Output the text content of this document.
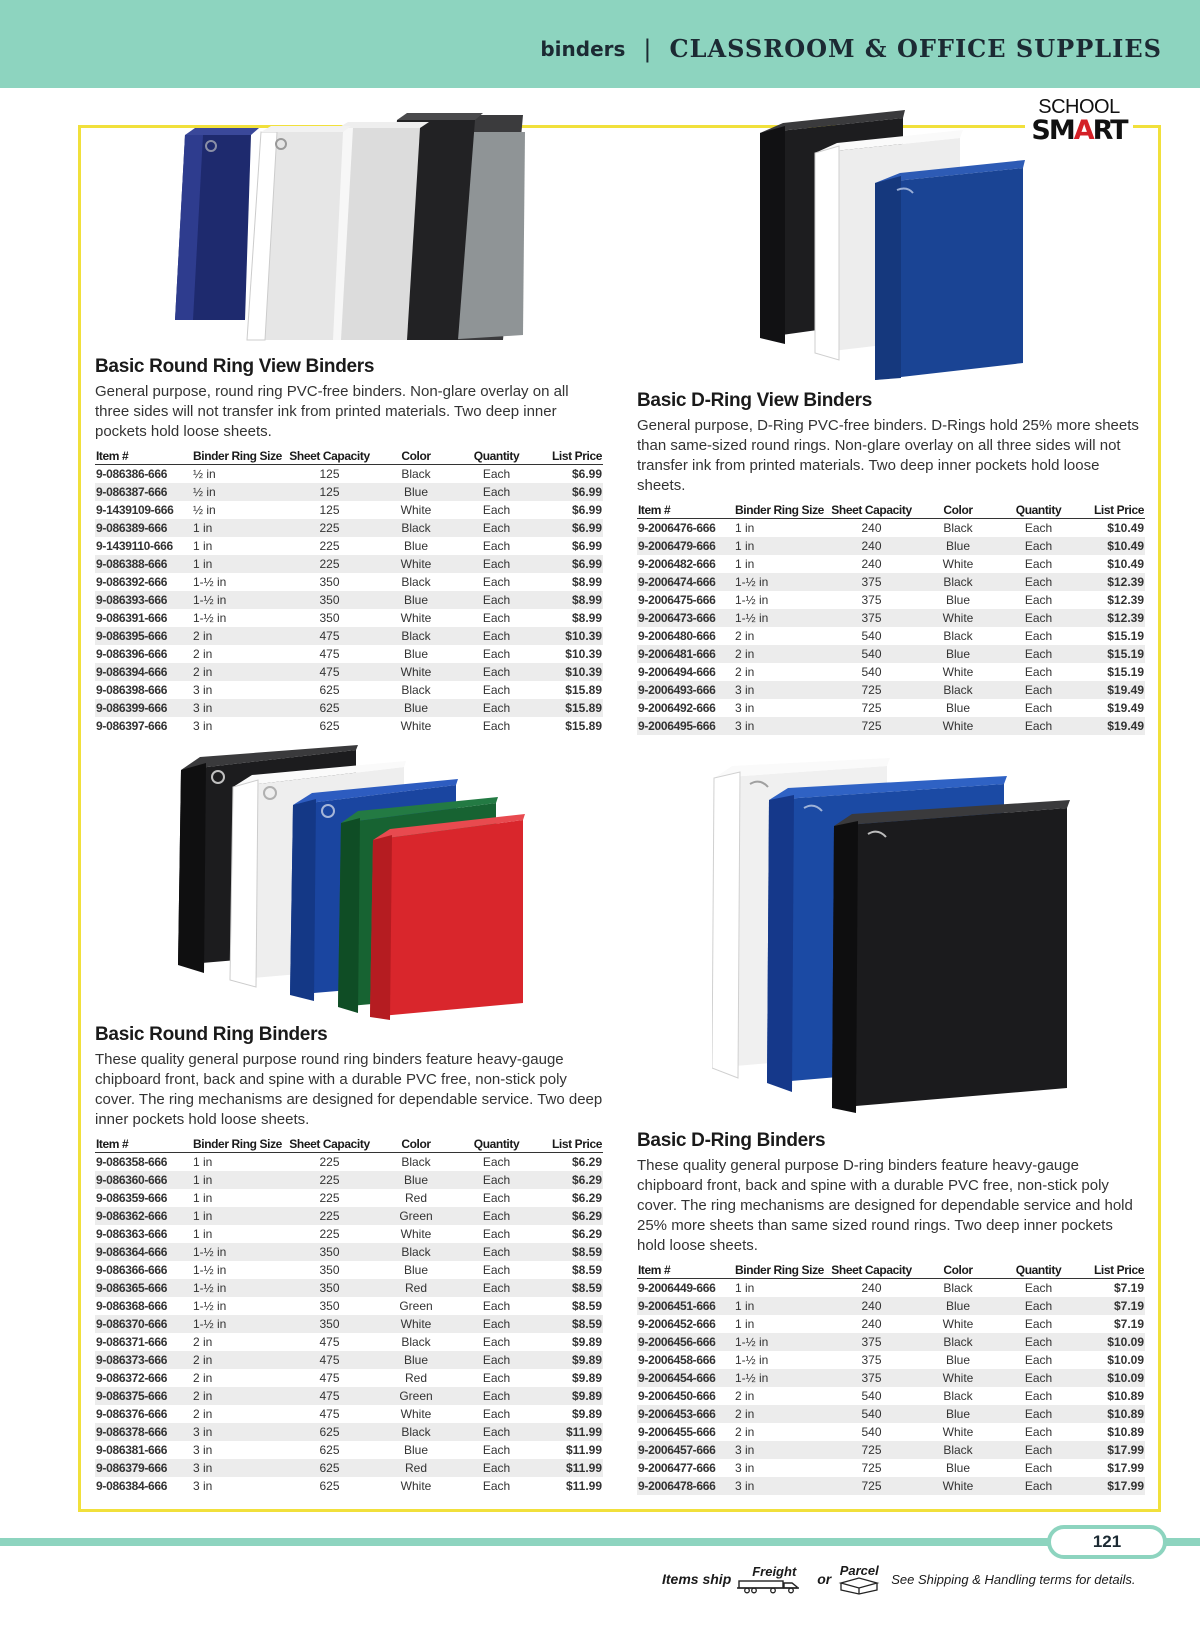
binders | CLASSROOM & OFFICE SUPPLIES
SCHOOL
SMART
Basic Round Ring View Binders
General purpose, round ring PVC-free binders. Non-glare overlay on all three sides will not transfer ink from printed materials. Two deep inner pockets hold loose sheets.
Item #	Binder Ring Size	Sheet Capacity	Color	Quantity	List Price
9-086386-666	½ in	125	Black	Each	$6.99
9-086387-666	½ in	125	Blue	Each	$6.99
9-1439109-666	½ in	125	White	Each	$6.99
9-086389-666	1 in	225	Black	Each	$6.99
9-1439110-666	1 in	225	Blue	Each	$6.99
9-086388-666	1 in	225	White	Each	$6.99
9-086392-666	1-½ in	350	Black	Each	$8.99
9-086393-666	1-½ in	350	Blue	Each	$8.99
9-086391-666	1-½ in	350	White	Each	$8.99
9-086395-666	2 in	475	Black	Each	$10.39
9-086396-666	2 in	475	Blue	Each	$10.39
9-086394-666	2 in	475	White	Each	$10.39
9-086398-666	3 in	625	Black	Each	$15.89
9-086399-666	3 in	625	Blue	Each	$15.89
9-086397-666	3 in	625	White	Each	$15.89
Basic D-Ring View Binders
General purpose, D-Ring PVC-free binders. D-Rings hold 25% more sheets than same-sized round rings. Non-glare overlay on all three sides will not transfer ink from printed materials. Two deep inner pockets hold loose sheets.
Item #	Binder Ring Size	Sheet Capacity	Color	Quantity	List Price
9-2006476-666	1 in	240	Black	Each	$10.49
9-2006479-666	1 in	240	Blue	Each	$10.49
9-2006482-666	1 in	240	White	Each	$10.49
9-2006474-666	1-½ in	375	Black	Each	$12.39
9-2006475-666	1-½ in	375	Blue	Each	$12.39
9-2006473-666	1-½ in	375	White	Each	$12.39
9-2006480-666	2 in	540	Black	Each	$15.19
9-2006481-666	2 in	540	Blue	Each	$15.19
9-2006494-666	2 in	540	White	Each	$15.19
9-2006493-666	3 in	725	Black	Each	$19.49
9-2006492-666	3 in	725	Blue	Each	$19.49
9-2006495-666	3 in	725	White	Each	$19.49
Basic Round Ring Binders
These quality general purpose round ring binders feature heavy-gauge chipboard front, back and spine with a durable PVC free, non-stick poly cover. The ring mechanisms are designed for dependable service. Two deep inner pockets hold loose sheets.
Item #	Binder Ring Size	Sheet Capacity	Color	Quantity	List Price
9-086358-666	1 in	225	Black	Each	$6.29
9-086360-666	1 in	225	Blue	Each	$6.29
9-086359-666	1 in	225	Red	Each	$6.29
9-086362-666	1 in	225	Green	Each	$6.29
9-086363-666	1 in	225	White	Each	$6.29
9-086364-666	1-½ in	350	Black	Each	$8.59
9-086366-666	1-½ in	350	Blue	Each	$8.59
9-086365-666	1-½ in	350	Red	Each	$8.59
9-086368-666	1-½ in	350	Green	Each	$8.59
9-086370-666	1-½ in	350	White	Each	$8.59
9-086371-666	2 in	475	Black	Each	$9.89
9-086373-666	2 in	475	Blue	Each	$9.89
9-086372-666	2 in	475	Red	Each	$9.89
9-086375-666	2 in	475	Green	Each	$9.89
9-086376-666	2 in	475	White	Each	$9.89
9-086378-666	3 in	625	Black	Each	$11.99
9-086381-666	3 in	625	Blue	Each	$11.99
9-086379-666	3 in	625	Red	Each	$11.99
9-086384-666	3 in	625	White	Each	$11.99
Basic D-Ring Binders
These quality general purpose D-ring binders feature heavy-gauge chipboard front, back and spine with a durable PVC free, non-stick poly cover. The ring mechanisms are designed for dependable service and hold 25% more sheets than same sized round rings. Two deep inner pockets hold loose sheets.
Item #	Binder Ring Size	Sheet Capacity	Color	Quantity	List Price
9-2006449-666	1 in	240	Black	Each	$7.19
9-2006451-666	1 in	240	Blue	Each	$7.19
9-2006452-666	1 in	240	White	Each	$7.19
9-2006456-666	1-½ in	375	Black	Each	$10.09
9-2006458-666	1-½ in	375	Blue	Each	$10.09
9-2006454-666	1-½ in	375	White	Each	$10.09
9-2006450-666	2 in	540	Black	Each	$10.89
9-2006453-666	2 in	540	Blue	Each	$10.89
9-2006455-666	2 in	540	White	Each	$10.89
9-2006457-666	3 in	725	Black	Each	$17.99
9-2006477-666	3 in	725	Blue	Each	$17.99
9-2006478-666	3 in	725	White	Each	$17.99
121
Items ship	Freight	or
Parcel
See Shipping & Handling terms for details.
